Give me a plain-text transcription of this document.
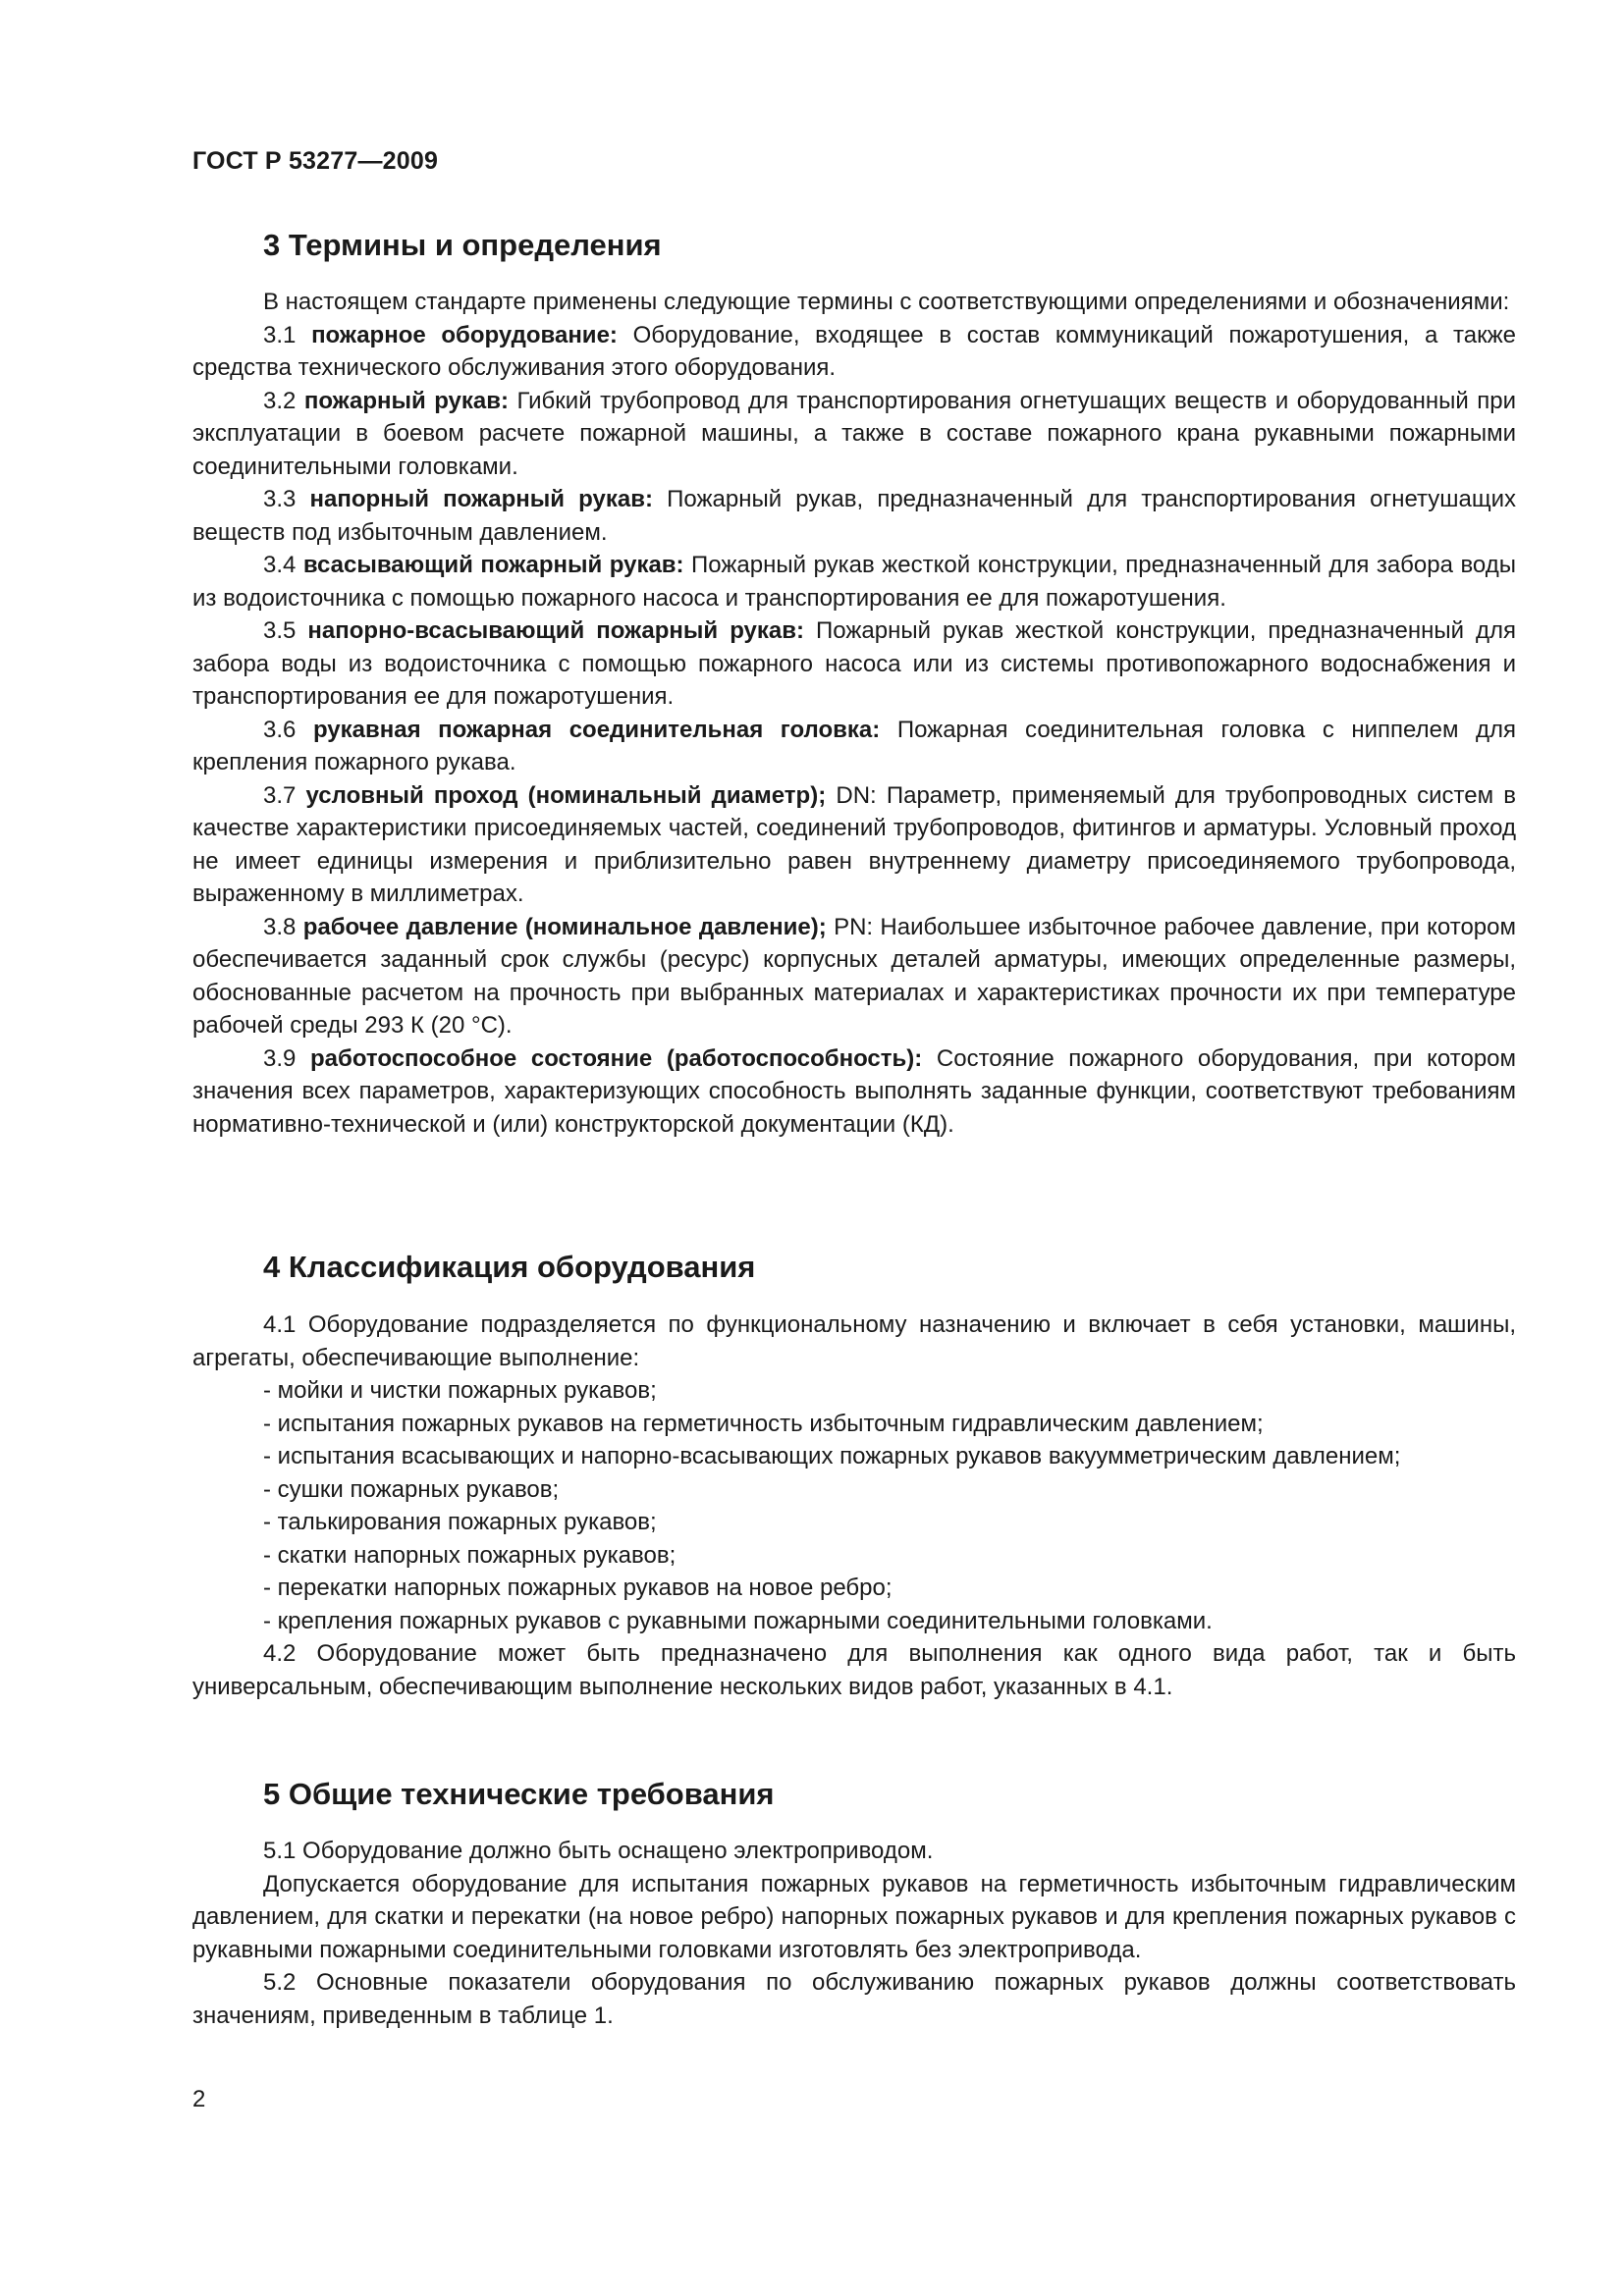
ГОСТ Р 53277—2009
3 Термины и определения

В настоящем стандарте применены следующие термины с соответствующими определениями и обозначениями:

3.1 пожарное оборудование: Оборудование, входящее в состав коммуникаций пожаротушения, а также средства технического обслуживания этого оборудования.

3.2 пожарный рукав: Гибкий трубопровод для транспортирования огнетушащих веществ и оборудованный при эксплуатации в боевом расчете пожарной машины, а также в составе пожарного крана рукавными пожарными соединительными головками.

3.3 напорный пожарный рукав: Пожарный рукав, предназначенный для транспортирования огнетушащих веществ под избыточным давлением.

3.4 всасывающий пожарный рукав: Пожарный рукав жесткой конструкции, предназначенный для забора воды из водоисточника с помощью пожарного насоса и транспортирования ее для пожаротушения.

3.5 напорно-всасывающий пожарный рукав: Пожарный рукав жесткой конструкции, предназначенный для забора воды из водоисточника с помощью пожарного насоса или из системы противопожарного водоснабжения и транспортирования ее для пожаротушения.

3.6 рукавная пожарная соединительная головка: Пожарная соединительная головка с ниппелем для крепления пожарного рукава.

3.7 условный проход (номинальный диаметр); DN: Параметр, применяемый для трубопроводных систем в качестве характеристики присоединяемых частей, соединений трубопроводов, фитингов и арматуры. Условный проход не имеет единицы измерения и приблизительно равен внутреннему диаметру присоединяемого трубопровода, выраженному в миллиметрах.

3.8 рабочее давление (номинальное давление); PN: Наибольшее избыточное рабочее давление, при котором обеспечивается заданный срок службы (ресурс) корпусных деталей арматуры, имеющих определенные размеры, обоснованные расчетом на прочность при выбранных материалах и характеристиках прочности их при температуре рабочей среды 293 К (20 °С).

3.9 работоспособное состояние (работоспособность): Состояние пожарного оборудования, при котором значения всех параметров, характеризующих способность выполнять заданные функции, соответствуют требованиям нормативно-технической и (или) конструкторской документации (КД).

4 Классификация оборудования

4.1 Оборудование подразделяется по функциональному назначению и включает в себя установки, машины, агрегаты, обеспечивающие выполнение:

- мойки и чистки пожарных рукавов;

- испытания пожарных рукавов на герметичность избыточным гидравлическим давлением;

- испытания всасывающих и напорно-всасывающих пожарных рукавов вакуумметрическим давлением;

- сушки пожарных рукавов;

- талькирования пожарных рукавов;

- скатки напорных пожарных рукавов;

- перекатки напорных пожарных рукавов на новое ребро;

- крепления пожарных рукавов с рукавными пожарными соединительными головками.

4.2 Оборудование может быть предназначено для выполнения как одного вида работ, так и быть универсальным, обеспечивающим выполнение нескольких видов работ, указанных в 4.1.

5 Общие технические требования

5.1 Оборудование должно быть оснащено электроприводом.

Допускается оборудование для испытания пожарных рукавов на герметичность избыточным гидравлическим давлением, для скатки и перекатки (на новое ребро) напорных пожарных рукавов и для крепления пожарных рукавов с рукавными пожарными соединительными головками изготовлять без электропривода.

5.2 Основные показатели оборудования по обслуживанию пожарных рукавов должны соответствовать значениям, приведенным в таблице 1.

2
